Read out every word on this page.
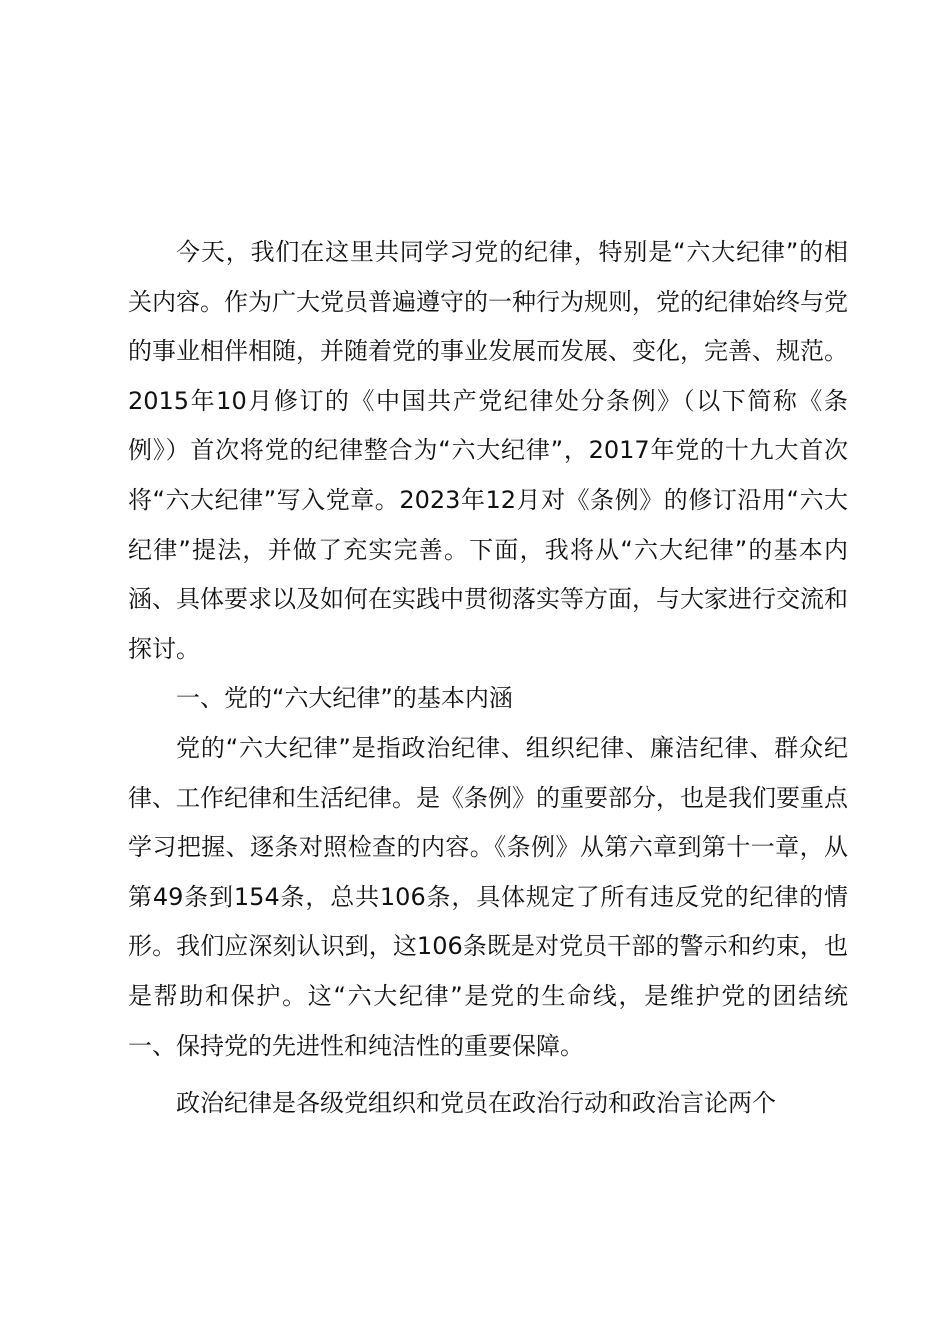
今天，我们在这里共同学习党的纪律，特别是“六大纪律”的相关内容。作为广大党员普遍遵守的一种行为规则，党的纪律始终与党的事业相伴相随，并随着党的事业发展而发展、变化，完善、规范。2015年10月修订的《中国共产党纪律处分条例》（以下简称《条例》）首次将党的纪律整合为“六大纪律”，2017年党的十九大首次将“六大纪律”写入党章。2023年12月对《条例》的修订沿用“六大纪律”提法，并做了充实完善。下面，我将从“六大纪律”的基本内涵、具体要求以及如何在实践中贯彻落实等方面，与大家进行交流和探讨。

一、党的“六大纪律”的基本内涵

党的“六大纪律”是指政治纪律、组织纪律、廉洁纪律、群众纪律、工作纪律和生活纪律。是《条例》的重要部分，也是我们要重点学习把握、逐条对照检查的内容。《条例》从第六章到第十一章，从第49条到154条，总共106条，具体规定了所有违反党的纪律的情形。我们应深刻认识到，这106条既是对党员干部的警示和约束，也是帮助和保护。这“六大纪律”是党的生命线，是维护党的团结统一、保持党的先进性和纯洁性的重要保障。

政治纪律是各级党组织和党员在政治行动和政治言论两个
